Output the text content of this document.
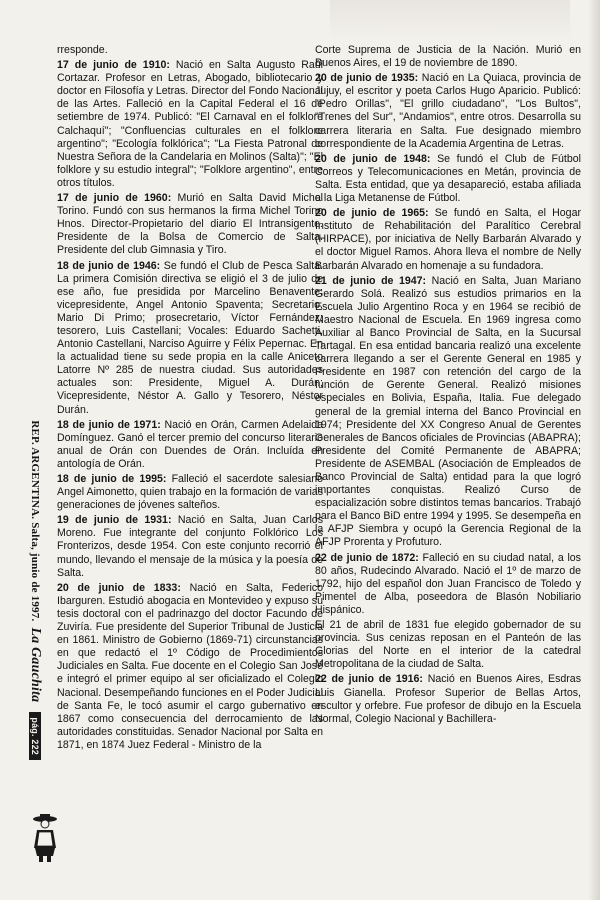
pág. 222
La Gauchita
REP. ARGENTINA. Salta, junio de 1997.

rresponde.

17 de junio de 1910: Nació en Salta Augusto Raúl Cortazar. Profesor en Letras, Abogado, bibliotecario y doctor en Filosofía y Letras. Director del Fondo Nacional de las Artes. Falleció en la Capital Federal el 16 de setiembre de 1974. Publicó: "El Carnaval en el folklore Calchaquí"; "Confluencias culturales en el folklore argentino"; "Ecología folklórica"; "La Fiesta Patronal de Nuestra Señora de la Candelaria en Molinos (Salta)"; "El folklore y su estudio integral"; "Folklore argentino", entre otros títulos.

17 de junio de 1960: Murió en Salta David Michel Torino. Fundó con sus hermanos la firma Michel Torino Hnos. Director-Propietario del diario El Intransigente. Presidente de la Bolsa de Comercio de Salta. Presidente del club Gimnasia y Tiro.

18 de junio de 1946: Se fundó el Club de Pesca Salta. La primera Comisión directiva se eligió el 3 de julio de ese año, fue presidida por Marcelino Benavente; vicepresidente, Angel Antonio Spaventa; Secretario, Mario Di Primo; prosecretario, Víctor Fernández; tesorero, Luis Castellani; Vocales: Eduardo Sachetti, Antonio Castellani, Narciso Aguirre y Félix Pepernac. En la actualidad tiene su sede propia en la calle Aniceto Latorre Nº 285 de nuestra ciudad. Sus autoridades actuales son: Presidente, Miguel A. Durán; Vicepresidente, Néstor A. Gallo y Tesorero, Néstor Durán.

18 de junio de 1971: Nació en Orán, Carmen Adelaida Domínguez. Ganó el tercer premio del concurso literario anual de Orán con Duendes de Orán. Incluída en antología de Orán.

18 de junio de 1995: Falleció el sacerdote salesiano Angel Aimonetto, quien trabajo en la formación de varias generaciones de jóvenes salteños.

19 de junio de 1931: Nació en Salta, Juan Carlos Moreno. Fue integrante del conjunto Folklórico Los Fronterizos, desde 1954. Con este conjunto recorrió el mundo, llevando el mensaje de la música y la poesía de Salta.

20 de junio de 1833: Nació en Salta, Federico Ibarguren. Estudió abogacia en Montevideo y expuso su tesis doctoral con el padrinazgo del doctor Facundo de Zuviría. Fue presidente del Superior Tribunal de Justicia en 1861. Ministro de Gobierno (1869-71) circunstancias en que redactó el 1º Código de Procedimientos Judiciales en Salta. Fue docente en el Colegio San José e integró el primer equipo al ser oficializado el Colegio Nacional. Desempeñando funciones en el Poder Judicial de Santa Fe, le tocó asumir el cargo gubernativo en 1867 como consecuencia del derrocamiento de las autoridades constituidas. Senador Nacional por Salta en 1871, en 1874 Juez Federal - Ministro de la

Corte Suprema de Justicia de la Nación. Murió en Buenos Aires, el 19 de noviembre de 1890.

20 de junio de 1935: Nació en La Quiaca, provincia de Jujuy, el escritor y poeta Carlos Hugo Aparicio. Publicó: "Pedro Orillas", "El grillo ciudadano", "Los Bultos", "Trenes del Sur", "Andamios", entre otros. Desarrolla su carrera literaria en Salta. Fue designado miembro correspondiente de la Academia Argentina de Letras.

20 de junio de 1948: Se fundó el Club de Fútbol Correos y Telecomunicaciones en Metán, provincia de Salta. Esta entidad, que ya desapareció, estaba afiliada a la Liga Metanense de Fútbol.

20 de junio de 1965: Se fundó en Salta, el Hogar Instituto de Rehabilitación del Paralítico Cerebral (HIRPACE), por iniciativa de Nelly Barbarán Alvarado y el doctor Miguel Ramos. Ahora lleva el nombre de Nelly Barbarán Alvarado en homenaje a su fundadora.

21 de junio de 1947: Nació en Salta, Juan Mariano Gerardo Solá. Realizó sus estudios primarios en la Escuela Julio Argentino Roca y en 1964 se recibió de Maestro Nacional de Escuela. En 1969 ingresa como Auxiliar al Banco Provincial de Salta, en la Sucursal Tartagal. En esa entidad bancaria realizó una excelente carrera llegando a ser el Gerente General en 1985 y Presidente en 1987 con retención del cargo de la función de Gerente General. Realizó misiones especiales en Bolivia, España, Italia. Fue delegado general de la gremial interna del Banco Provincial en 1974; Presidente del XX Congreso Anual de Gerentes Generales de Bancos oficiales de Provincias (ABAPRA); Presidente del Comité Permanente de ABAPRA; Presidente de ASEMBAL (Asociación de Empleados de Banco Provincial de Salta) entidad para la que logró importantes conquistas. Realizó Curso de espacialización sobre distintos temas bancarios. Trabajó para el Banco BiD entre 1994 y 1995. Se desempeña en la AFJP Siembra y ocupó la Gerencia Regional de la AFJP Prorenta y Profuturo.

22 de junio de 1872: Falleció en su ciudad natal, a los 80 años, Rudecindo Alvarado. Nació el 1º de marzo de 1792, hijo del español don Juan Francisco de Toledo y Pimentel de Alba, poseedora de Blasón Nobiliario Hispánico.

El 21 de abril de 1831 fue elegido gobernador de su provincia. Sus cenizas reposan en el Panteón de las Glorias del Norte en el interior de la catedral Metropolitana de la ciudad de Salta.

22 de junio de 1916: Nació en Buenos Aires, Esdras Luis Gianella. Profesor Superior de Bellas Artos, escultor y orfebre. Fue profesor de dibujo en la Escuela Normal, Colegio Nacional y Bachillera-
